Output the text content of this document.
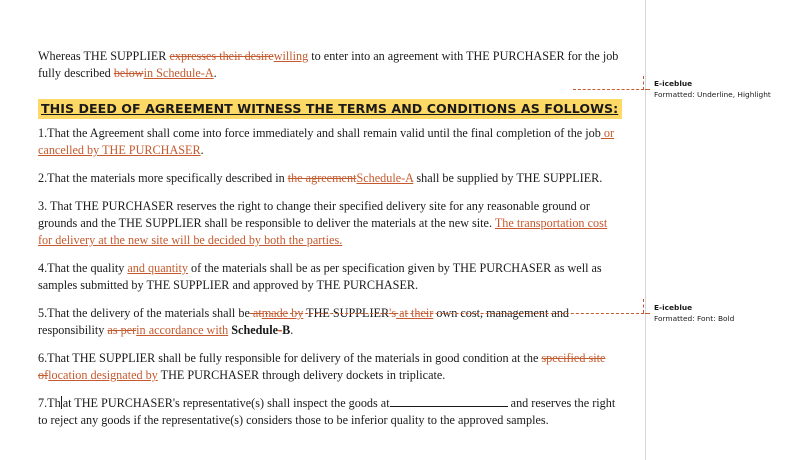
Whereas THE SUPPLIER expresses their desirewilling to enter into an agreement with THE PURCHASER for the job fully described belowin Schedule-A.

THIS DEED OF AGREEMENT WITNESS THE TERMS AND CONDITIONS AS FOLLOWS:

1.That the Agreement shall come into force immediately and shall remain valid until the final completion of the job or cancelled by THE PURCHASER.

2.That the materials more specifically described in the agreementSchedule-A shall be supplied by THE SUPPLIER.

3. That THE PURCHASER reserves the right to change their specified delivery site for any reasonable ground or grounds and the THE SUPPLIER shall be responsible to deliver the materials at the new site. The transportation cost for delivery at the new site will be decided by both the parties.

4.That the quality and quantity of the materials shall be as per specification given by THE PURCHASER as well as samples submitted by THE SUPPLIER and approved by THE PURCHASER.

5.That the delivery of the materials shall be atmade by THE SUPPLIER's at their own cost, management and responsibility as perin accordance with Schedule-B.

6.That THE SUPPLIER shall be fully responsible for delivery of the materials in good condition at the specified site oflocation designated by THE PURCHASER through delivery dockets in triplicate.

7.Th at THE PURCHASER's representative(s) shall inspect the goods at	and reserves the right to reject any goods if the representative(s) considers those to be inferior quality to the approved samples.

E-iceblue
Formatted: Underline, Highlight
E-iceblue
Formatted: Font: Bold
